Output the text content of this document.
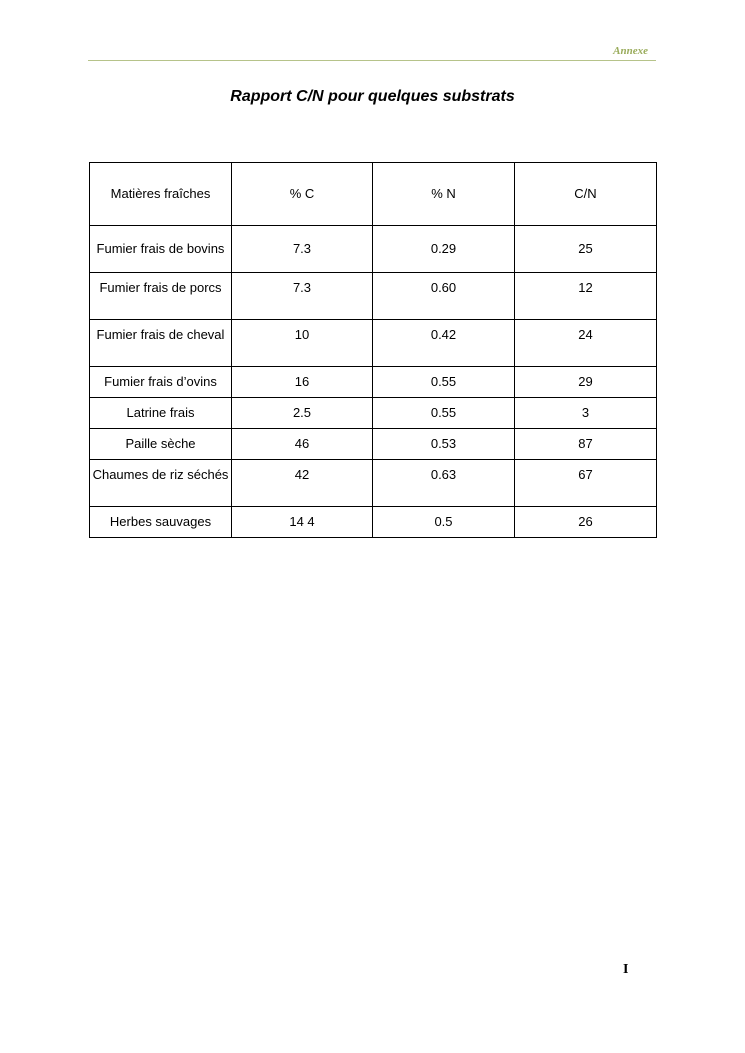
Annexe
Rapport C/N pour quelques substrats
Matières fraîches	% C	% N	C/N
Fumier frais de bovins	7.3	0.29	25
Fumier frais de porcs	7.3	0.60	12
Fumier frais de cheval	10	0.42	24
Fumier frais d’ovins	16	0.55	29
Latrine frais	2.5	0.55	3
Paille sèche	46	0.53	87
Chaumes de riz séchés	42	0.63	67
Herbes sauvages	14 4	0.5	26
I
